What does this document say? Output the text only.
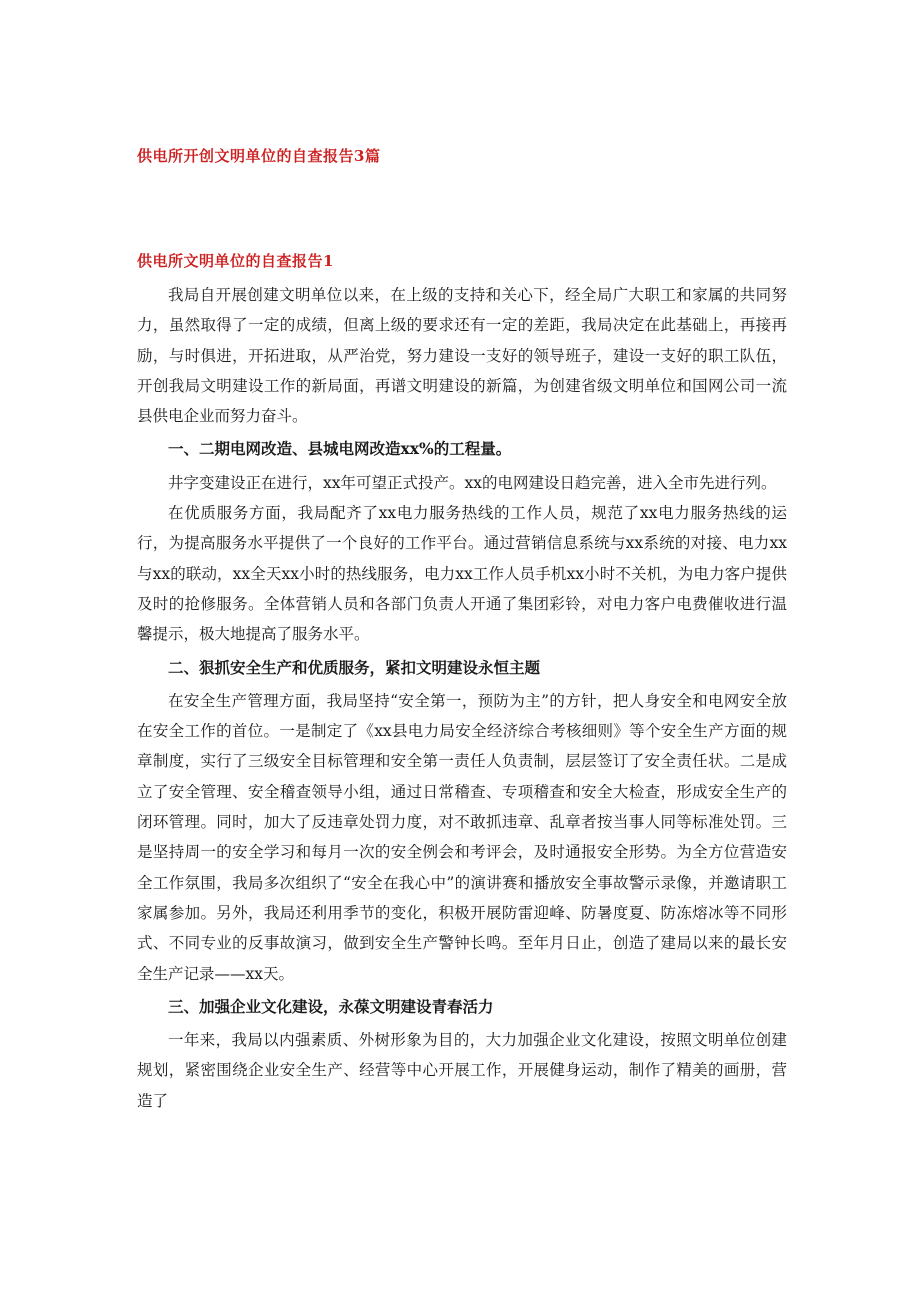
供电所开创文明单位的自查报告3篇
供电所文明单位的自查报告1

我局自开展创建文明单位以来，在上级的支持和关心下，经全局广大职工和家属的共同努力，虽然取得了一定的成绩，但离上级的要求还有一定的差距，我局决定在此基础上，再接再励，与时俱进，开拓进取，从严治党，努力建设一支好的领导班子，建设一支好的职工队伍，开创我局文明建设工作的新局面，再谱文明建设的新篇，为创建省级文明单位和国网公司一流县供电企业而努力奋斗。

一、二期电网改造、县城电网改造xx%的工程量。

井字变建设正在进行，xx年可望正式投产。xx的电网建设日趋完善，进入全市先进行列。

在优质服务方面，我局配齐了xx电力服务热线的工作人员，规范了xx电力服务热线的运行，为提高服务水平提供了一个良好的工作平台。通过营销信息系统与xx系统的对接、电力xx与xx的联动，xx全天xx小时的热线服务，电力xx工作人员手机xx小时不关机，为电力客户提供及时的抢修服务。全体营销人员和各部门负责人开通了集团彩铃，对电力客户电费催收进行温馨提示，极大地提高了服务水平。

二、狠抓安全生产和优质服务，紧扣文明建设永恒主题

在安全生产管理方面，我局坚持“安全第一，预防为主”的方针，把人身安全和电网安全放在安全工作的首位。一是制定了《xx县电力局安全经济综合考核细则》等个安全生产方面的规章制度，实行了三级安全目标管理和安全第一责任人负责制，层层签订了安全责任状。二是成立了安全管理、安全稽查领导小组，通过日常稽查、专项稽查和安全大检查，形成安全生产的闭环管理。同时，加大了反违章处罚力度，对不敢抓违章、乱章者按当事人同等标准处罚。三是坚持周一的安全学习和每月一次的安全例会和考评会，及时通报安全形势。为全方位营造安全工作氛围，我局多次组织了“安全在我心中”的演讲赛和播放安全事故警示录像，并邀请职工家属参加。另外，我局还利用季节的变化，积极开展防雷迎峰、防暑度夏、防冻熔冰等不同形式、不同专业的反事故演习，做到安全生产警钟长鸣。至年月日止，创造了建局以来的最长安全生产记录——xx天。

三、加强企业文化建设，永葆文明建设青春活力

一年来，我局以内强素质、外树形象为目的，大力加强企业文化建设，按照文明单位创建规划，紧密围绕企业安全生产、经营等中心开展工作，开展健身运动，制作了精美的画册，营造了
